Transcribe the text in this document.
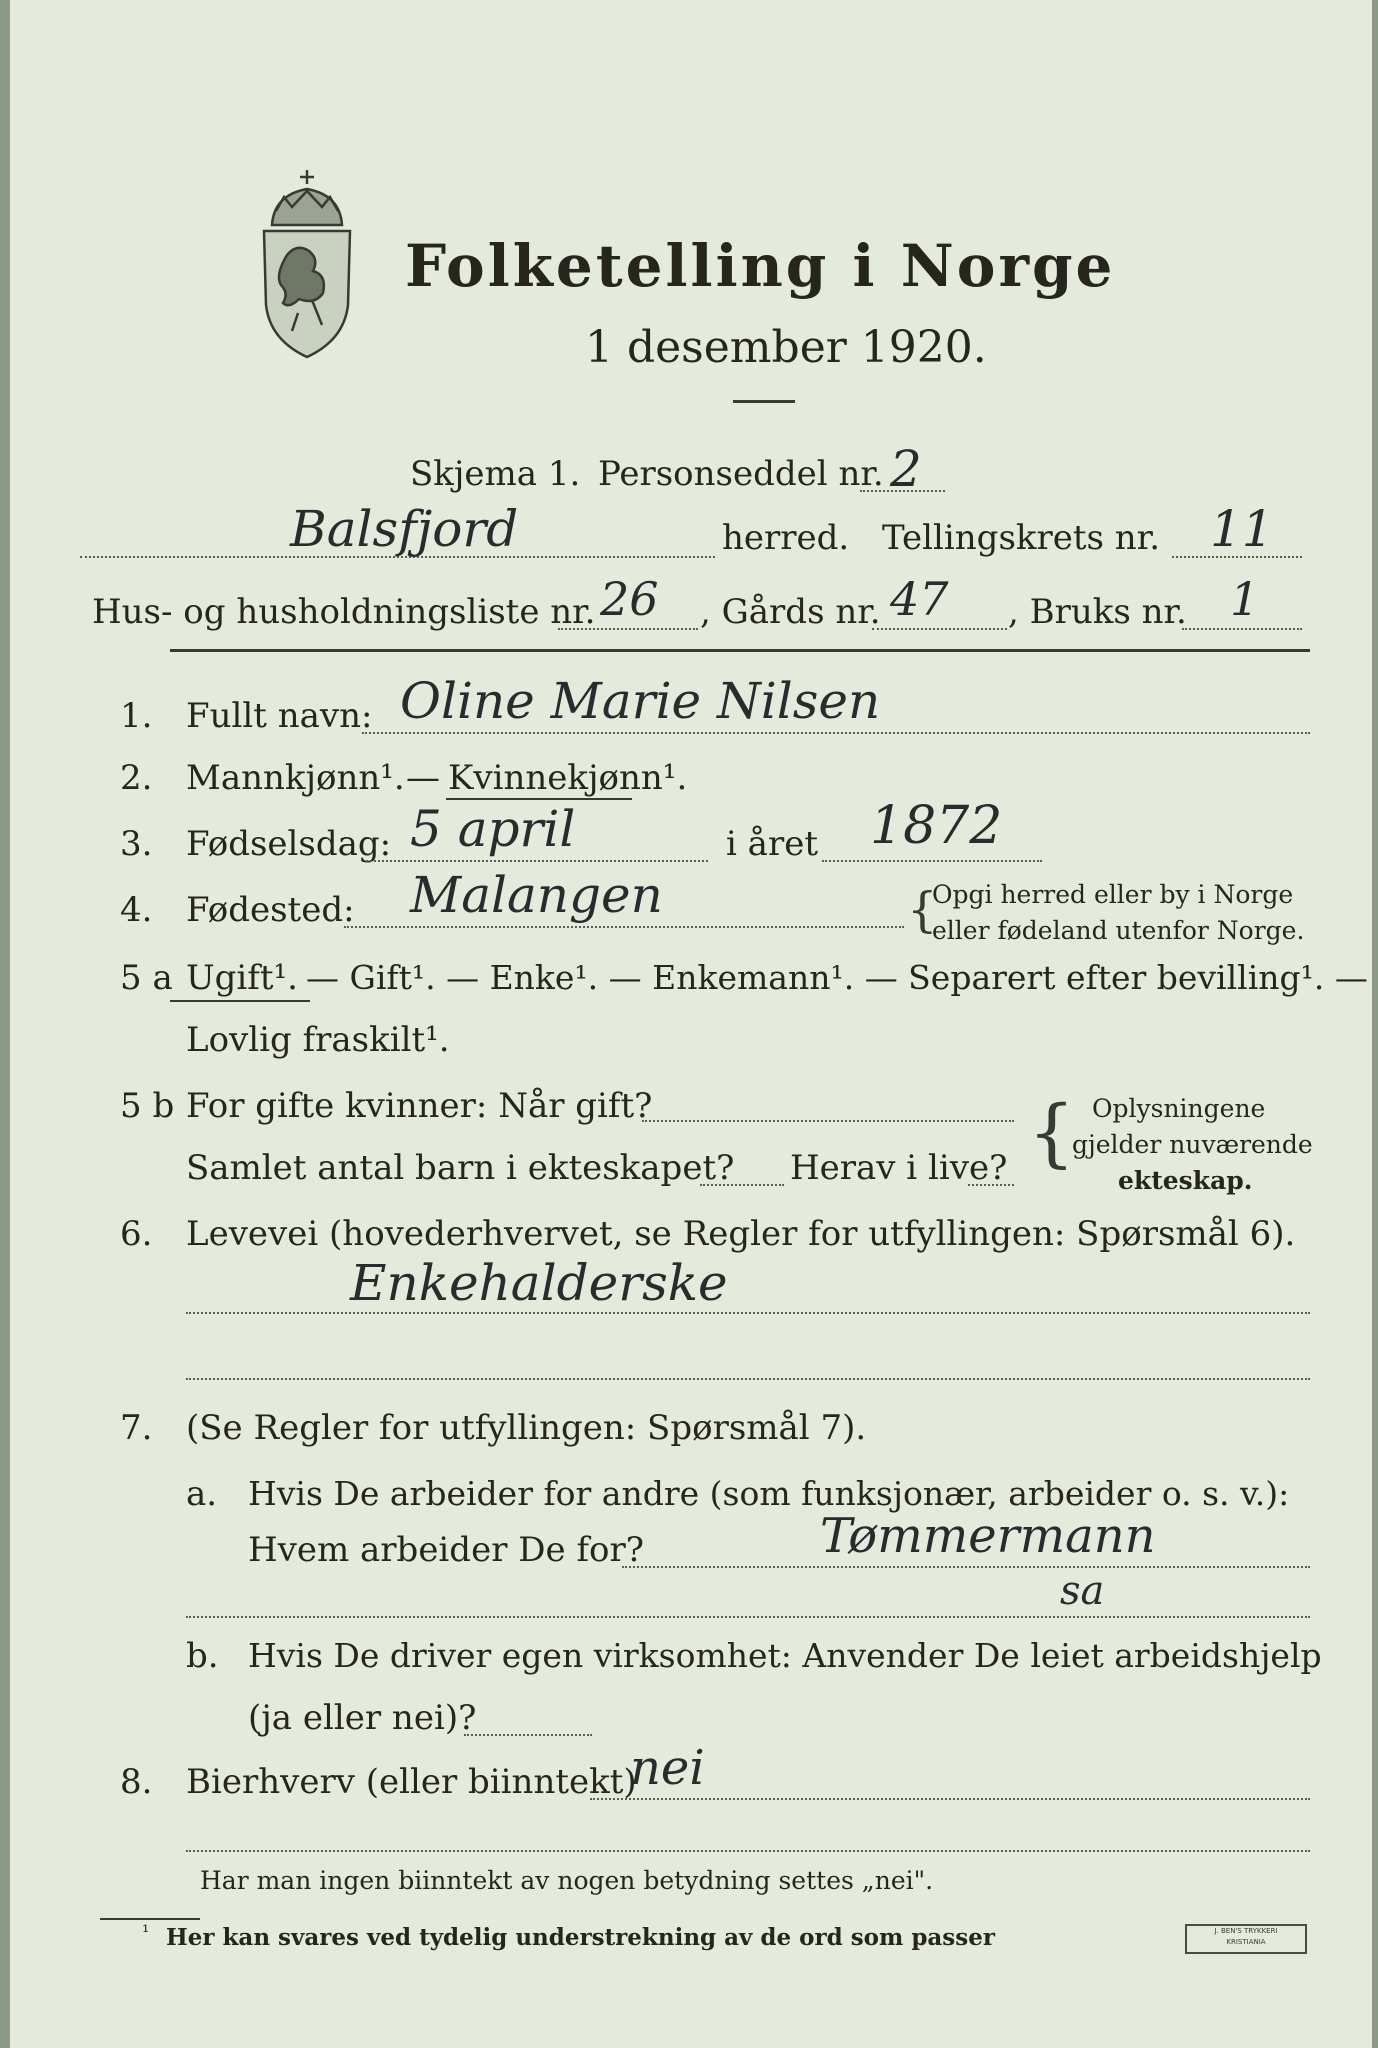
Folketelling i Norge
1 desember 1920.
Skjema 1. Personseddel nr. 2
Balsfjord	herred. Tellingskrets nr. 11
Hus- og husholdningsliste nr. 26 , Gårds nr. 47 , Bruks nr. 1
1. Fullt navn: Oline Marie Nilsen
2. Mannkjønn¹. — Kvinnekjønn¹.
3. Fødselsdag: 5 april	i året 1872
4. Fødested: Malangen	{
Opgi herred eller by i Norge
eller fødeland utenfor Norge.
5 a Ugift¹. — Gift¹. — Enke¹. — Enkemann¹. — Separert efter bevilling¹. —
Lovlig fraskilt¹.
5 b For gifte kvinner: Når gift?
Samlet antal barn i ekteskapet? Herav i live? { Oplysningene
gjelder nuværende
ekteskap.
6. Levevei (hovederhvervet, se Regler for utfyllingen: Spørsmål 6).
Enkehalderske
7. (Se Regler for utfyllingen: Spørsmål 7).
a. Hvis De arbeider for andre (som funksjonær, arbeider o. s. v.):
Hvem arbeider De for?	Tømmermann
sa
b. Hvis De driver egen virksomhet: Anvender De leiet arbeidshjelp
(ja eller nei)?
8. Bierhverv (eller biinntekt)
nei
Har man ingen biinntekt av nogen betydning settes „nei".
¹ Her kan svares ved tydelig understrekning av de ord som passer	J. BEN'S TRYKKERI
KRISTIANIA
